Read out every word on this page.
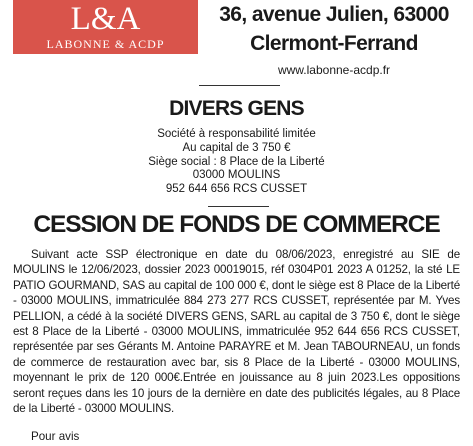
L&A
LABONNE & ACDP
36, avenue Julien, 63000
Clermont-Ferrand
www.labonne-acdp.fr
DIVERS GENS
Société à responsabilité limitée
Au capital de 3 750 €
Siège social : 8 Place de la Liberté
03000 MOULINS
952 644 656 RCS CUSSET
CESSION DE FONDS DE COMMERCE
Suivant acte SSP électronique en date du 08/06/2023, enregistré au SIE de MOULINS le 12/06/2023, dossier 2023 00019015, réf 0304P01 2023 A 01252, la sté LE PATIO GOURMAND, SAS au capital de 100 000 €, dont le siège est 8 Place de la Liberté - 03000 MOULINS, immatriculée 884 273 277 RCS CUSSET, représentée par M. Yves PELLION, a cédé à la société DIVERS GENS, SARL au capital de 3 750 €, dont le siège est 8 Place de la Liberté - 03000 MOULINS, immatriculée 952 644 656 RCS CUSSET, représentée par ses Gérants M. Antoine PARAYRE et M. Jean TABOURNEAU, un fonds de commerce de restauration avec bar, sis 8 Place de la Liberté - 03000 MOULINS, moyennant le prix de 120 000€.Entrée en jouissance au 8 juin 2023.Les oppositions seront reçues dans les 10 jours de la dernière en date des publicités légales, au 8 Place de la Liberté - 03000 MOULINS.
Pour avis
